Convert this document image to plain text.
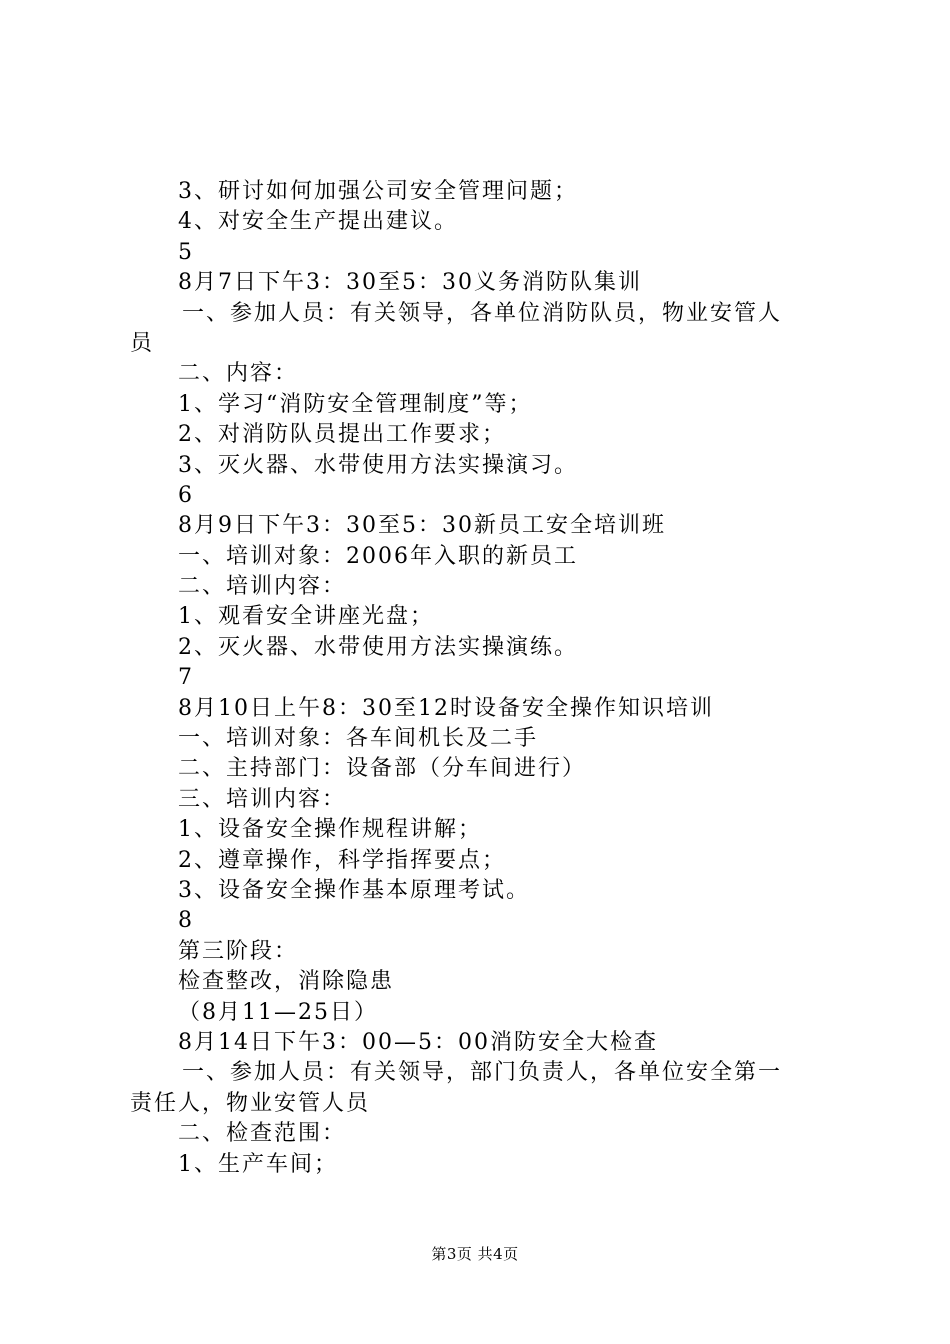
3、研讨如何加强公司安全管理问题；
4、对安全生产提出建议。
5
8月7日下午3：30至5：30义务消防队集训
一、参加人员：有关领导，各单位消防队员，物业安管人
员
二、内容：
1、学习“消防安全管理制度”等；
2、对消防队员提出工作要求；
3、灭火器、水带使用方法实操演习。
6
8月9日下午3：30至5：30新员工安全培训班
一、培训对象：2006年入职的新员工
二、培训内容：
1、观看安全讲座光盘；
2、灭火器、水带使用方法实操演练。
7
8月10日上午8：30至12时设备安全操作知识培训
一、培训对象：各车间机长及二手
二、主持部门：设备部（分车间进行）
三、培训内容：
1、设备安全操作规程讲解；
2、遵章操作，科学指挥要点；
3、设备安全操作基本原理考试。
8
第三阶段：
检查整改，消除隐患
（8月11—25日）
8月14日下午3：00—5：00消防安全大检查
一、参加人员：有关领导，部门负责人，各单位安全第一
责任人，物业安管人员
二、检查范围：
1、生产车间；
第3页 共4页
